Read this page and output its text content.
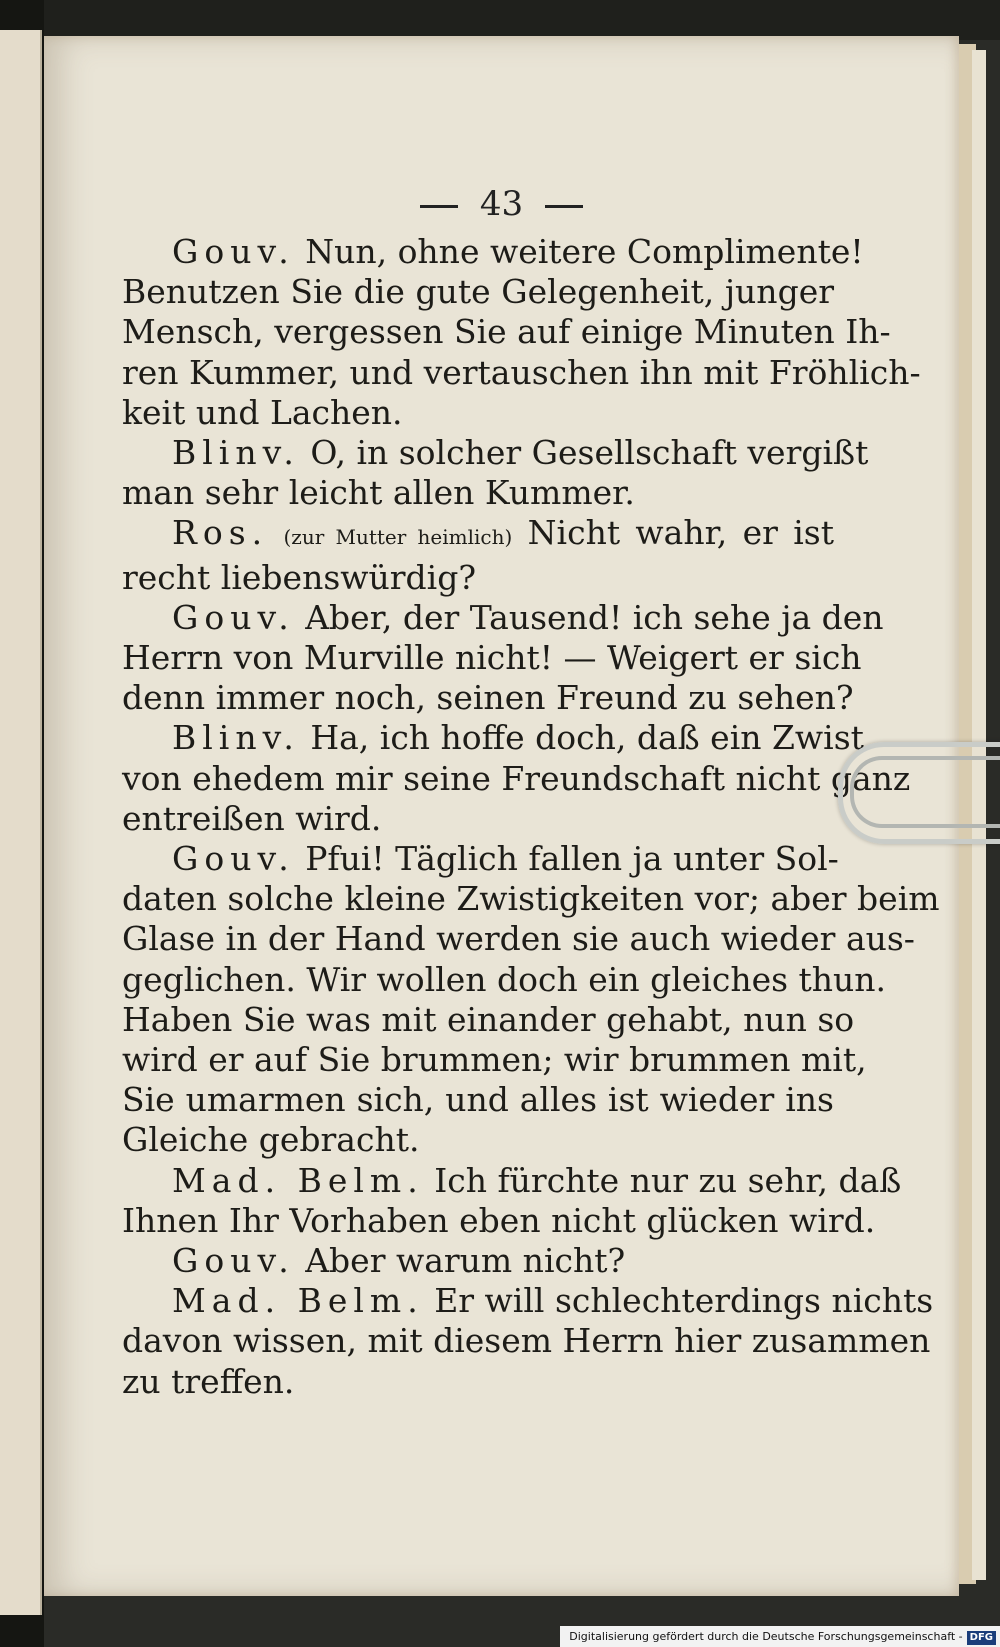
43
Gouv. Nun, ohne weitere Complimente!
Benutzen Sie die gute Gelegenheit, junger
Mensch, vergessen Sie auf einige Minuten Ih-
ren Kummer, und vertauschen ihn mit Fröhlich-
keit und Lachen.
Blinv. O, in solcher Gesellschaft vergißt
man sehr leicht allen Kummer.
Ros. (zur Mutter heimlich) Nicht wahr, er ist
recht liebenswürdig?
Gouv. Aber, der Tausend! ich sehe ja den
Herrn von Murville nicht! — Weigert er sich
denn immer noch, seinen Freund zu sehen?
Blinv. Ha, ich hoffe doch, daß ein Zwist
von ehedem mir seine Freundschaft nicht ganz
entreißen wird.
Gouv. Pfui! Täglich fallen ja unter Sol-
daten solche kleine Zwistigkeiten vor; aber beim
Glase in der Hand werden sie auch wieder aus-
geglichen. Wir wollen doch ein gleiches thun.
Haben Sie was mit einander gehabt, nun so
wird er auf Sie brummen; wir brummen mit,
Sie umarmen sich, und alles ist wieder ins
Gleiche gebracht.
Mad. Belm. Ich fürchte nur zu sehr, daß
Ihnen Ihr Vorhaben eben nicht glücken wird.
Gouv. Aber warum nicht?
Mad. Belm. Er will schlechterdings nichts
davon wissen, mit diesem Herrn hier zusammen
zu treffen.
Digitalisierung gefördert durch die Deutsche Forschungsgemeinschaft - DFG
